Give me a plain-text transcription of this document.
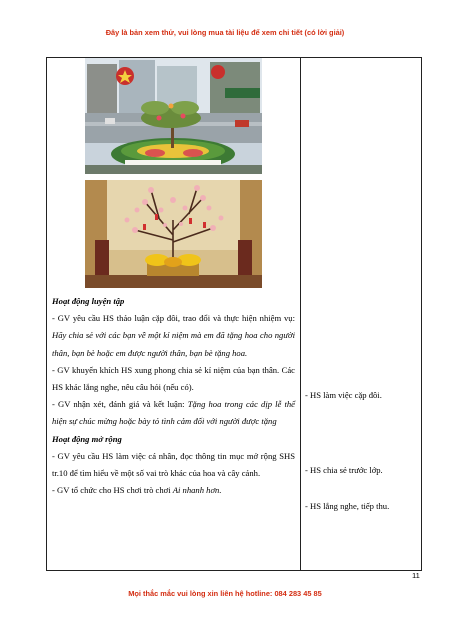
Đây là bản xem thử, vui lòng mua tài liệu để xem chi tiết (có lời giải)

Hoạt động luyện tập

- GV yêu cầu HS thảo luận cặp đôi, trao đổi và thực hiện nhiệm vụ: Hãy chia sẻ với các bạn về một kỉ niệm mà em đã tặng hoa cho người thân, bạn bè hoặc em được người thân, bạn bè tặng hoa.

- GV khuyến khích HS xung phong chia sẻ kỉ niệm của bạn thân. Các HS khác lắng nghe, nêu câu hỏi (nếu có).

- GV nhận xét, đánh giá và kết luận: Tặng hoa trong các dịp lễ thể hiện sự chúc mừng hoặc bày tỏ tình cảm đối với người được tặng

Hoạt động mở rộng

- GV yêu cầu HS làm việc cá nhân, đọc thông tin mục mở rộng SHS tr.10 để tìm hiểu về một số vai trò khác của hoa và cây cảnh.

- GV tổ chức cho HS chơi trò chơi Ai nhanh hơn.

- HS làm việc cặp đôi.
- HS chia sẻ trước lớp.
- HS lắng nghe, tiếp thu.
11
Mọi thắc mắc vui lòng xin liên hệ hotline: 084 283 45 85
